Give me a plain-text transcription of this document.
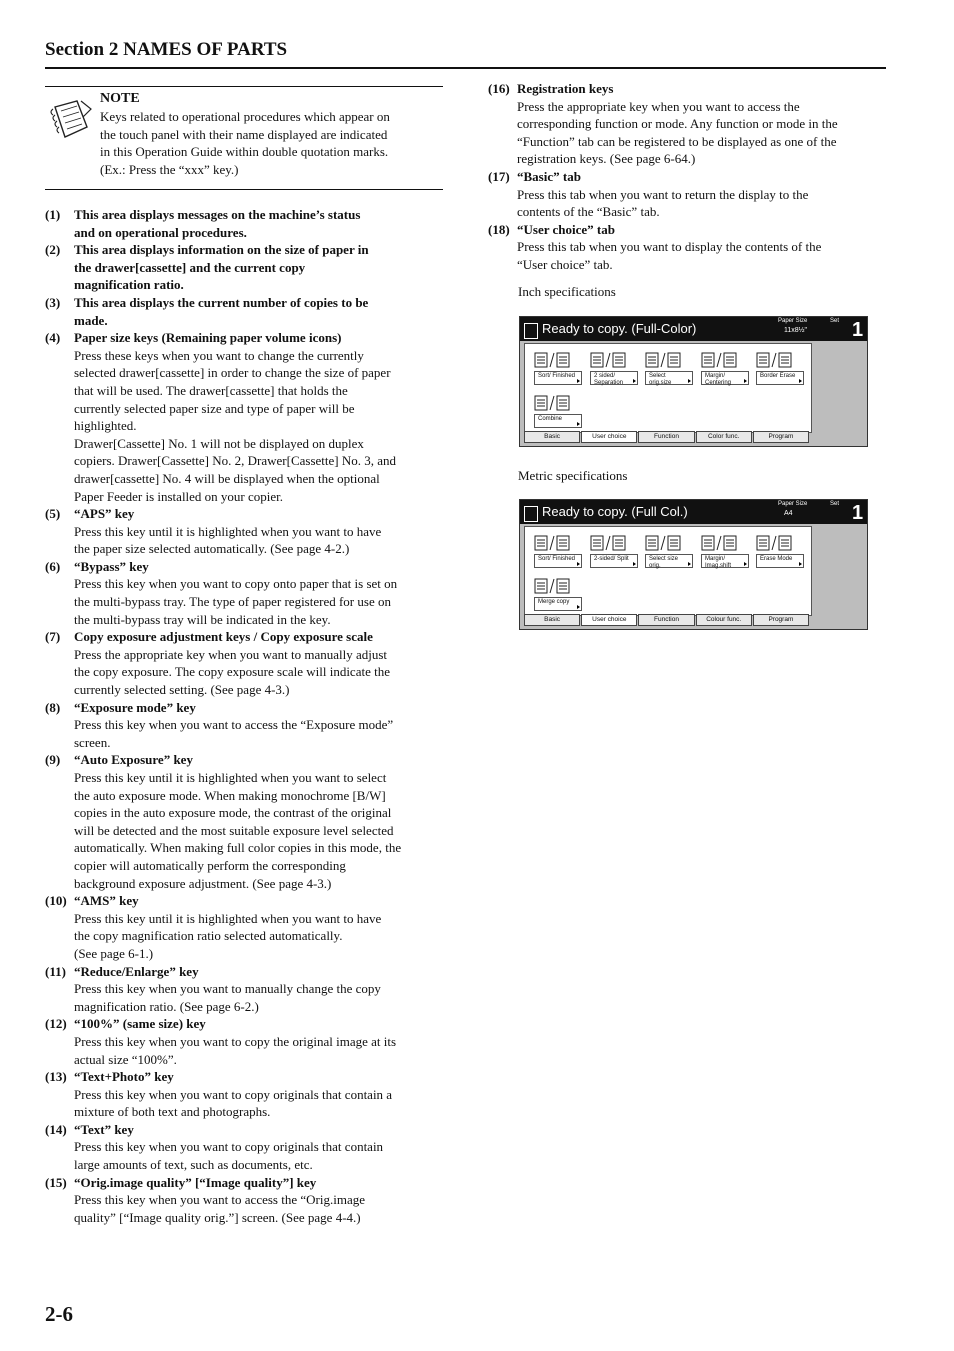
Section 2 NAMES OF PARTS
NOTE
Keys related to operational procedures which appear on
the touch panel with their name displayed are indicated
in this Operation Guide within double quotation marks.
(Ex.: Press the “xxx” key.)
(1)	This area displays messages on the machine’s status
and on operational procedures.
(2)	This area displays information on the size of paper in
the drawer[cassette] and the current copy
magnification ratio.
(3)	This area displays the current number of copies to be
made.
(4)	Paper size keys (Remaining paper volume icons)
Press these keys when you want to change the currently
selected drawer[cassette] in order to change the size of paper
that will be used. The drawer[cassette] that holds the
currently selected paper size and type of paper will be
highlighted.
Drawer[Cassette] No. 1 will not be displayed on duplex
copiers. Drawer[Cassette] No. 2, Drawer[Cassette] No. 3, and
drawer[cassette] No. 4 will be displayed when the optional
Paper Feeder is installed on your copier.
(5)	“APS” key
Press this key until it is highlighted when you want to have
the paper size selected automatically. (See page 4-2.)
(6)	“Bypass” key
Press this key when you want to copy onto paper that is set on
the multi-bypass tray. The type of paper registered for use on
the multi-bypass tray will be indicated in the key.
(7)	Copy exposure adjustment keys / Copy exposure scale
Press the appropriate key when you want to manually adjust
the copy exposure. The copy exposure scale will indicate the
currently selected setting. (See page 4-3.)
(8)	“Exposure mode” key
Press this key when you want to access the “Exposure mode”
screen.
(9)	“Auto Exposure” key
Press this key until it is highlighted when you want to select
the auto exposure mode. When making monochrome [B/W]
copies in the auto exposure mode, the contrast of the original
will be detected and the most suitable exposure level selected
automatically. When making full color copies in this mode, the
copier will automatically perform the corresponding
background exposure adjustment. (See page 4-3.)
(10) “AMS” key
Press this key until it is highlighted when you want to have
the copy magnification ratio selected automatically.
(See page 6-1.)
(11) “Reduce/Enlarge” key
Press this key when you want to manually change the copy
magnification ratio. (See page 6-2.)
(12) “100%” (same size) key
Press this key when you want to copy the original image at its
actual size “100%”.
(13) “Text+Photo” key
Press this key when you want to copy originals that contain a
mixture of both text and photographs.
(14) “Text” key
Press this key when you want to copy originals that contain
large amounts of text, such as documents, etc.
(15) “Orig.image quality” [“Image quality”] key
Press this key when you want to access the “Orig.image
quality” [“Image quality orig.”] screen. (See page 4-4.)
(16) Registration keys
Press the appropriate key when you want to access the
corresponding function or mode. Any function or mode in the
“Function” tab can be registered to be displayed as one of the
registration keys. (See page 6-64.)
(17) “Basic” tab
Press this tab when you want to return the display to the
contents of the “Basic” tab.
(18) “User choice” tab
Press this tab when you want to display the contents of the
“User choice” tab.
Inch specifications
Ready to copy. (Full-Color)	Paper Size	Set
11x8½" 1
Sort/ Finished	2 sided/ Separation
Select orig.size
Margin/ Centering
Border Erase
Combine
Basic	User choice	Function	Color func.	Program
Metric specifications
Ready to copy. (Full Col.)	Paper Size	Set
A4	1
Sort/ Finished	2-sided/ Split	Select size orig.
Margin/ Imag.shift
Erase Mode
Merge copy
Basic	User choice	Function	Colour func.	Program
2-6
